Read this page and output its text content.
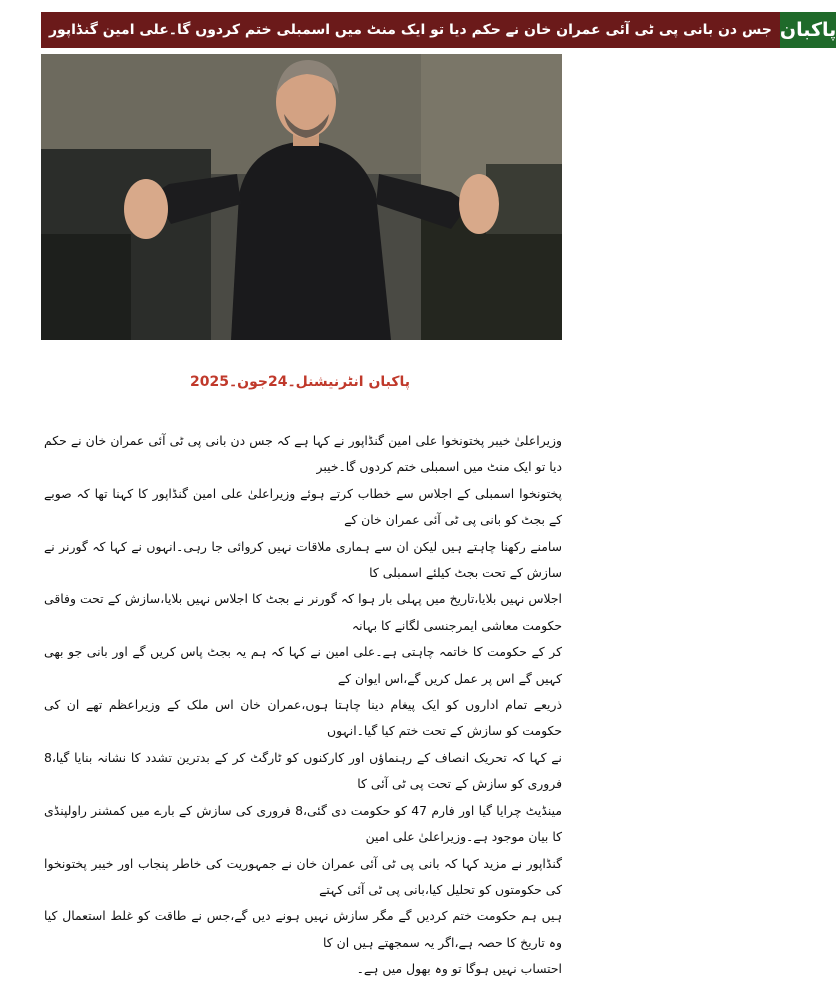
جس دن بانی پی ٹی آئی عمران خان نے حکم دیا تو ایک منٹ میں اسمبلی ختم کردوں گا۔علی امین گنڈاپور پاکبان
پاکبان انٹرنیشنل۔24جون۔2025
وزیراعلیٰ خیبر پختونخوا علی امین گنڈاپور نے کہا ہے کہ جس دن بانی پی ٹی آئی عمران خان نے حکم دیا تو ایک منٹ میں اسمبلی ختم کردوں گا۔خیبر
پختونخوا اسمبلی کے اجلاس سے خطاب کرتے ہوئے وزیراعلیٰ علی امین گنڈاپور کا کہنا تھا کہ صوبے کے بجٹ کو بانی پی ٹی آئی عمران خان کے
سامنے رکھنا چاہتے ہیں لیکن ان سے ہماری ملاقات نہیں کروائی جا رہی۔انہوں نے کہا کہ گورنر نے سازش کے تحت بجٹ کیلئے اسمبلی کا
اجلاس نہیں بلایا،تاریخ میں پہلی بار ہوا کہ گورنر نے بجٹ کا اجلاس نہیں بلایا،سازش کے تحت وفاقی حکومت معاشی ایمرجنسی لگانے کا بہانہ
کر کے حکومت کا خاتمہ چاہتی ہے۔علی امین نے کہا کہ ہم یہ بجٹ پاس کریں گے اور بانی جو بھی کہیں گے اس پر عمل کریں گے،اس ایوان کے
ذریعے تمام اداروں کو ایک پیغام دینا چاہتا ہوں،عمران خان اس ملک کے وزیراعظم تھے ان کی حکومت کو سازش کے تحت ختم کیا گیا۔انہوں
نے کہا کہ تحریک انصاف کے رہنماؤں اور کارکنوں کو ٹارگٹ کر کے بدترین تشدد کا نشانہ بنایا گیا،8 فروری کو سازش کے تحت پی ٹی آئی کا
مینڈیٹ چرایا گیا اور فارم 47 کو حکومت دی گئی،8 فروری کی سازش کے بارے میں کمشنر راولپنڈی کا بیان موجود ہے۔وزیراعلیٰ علی امین
گنڈاپور نے مزید کہا کہ بانی پی ٹی آئی عمران خان نے جمہوریت کی خاطر پنجاب اور خیبر پختونخوا کی حکومتوں کو تحلیل کیا،بانی پی ٹی آئی کہتے
ہیں ہم حکومت ختم کردیں گے مگر سازش نہیں ہونے دیں گے،جس نے طاقت کو غلط استعمال کیا وہ تاریخ کا حصہ ہے،اگر یہ سمجھتے ہیں ان کا
احتساب نہیں ہوگا تو وہ بھول میں ہے۔
